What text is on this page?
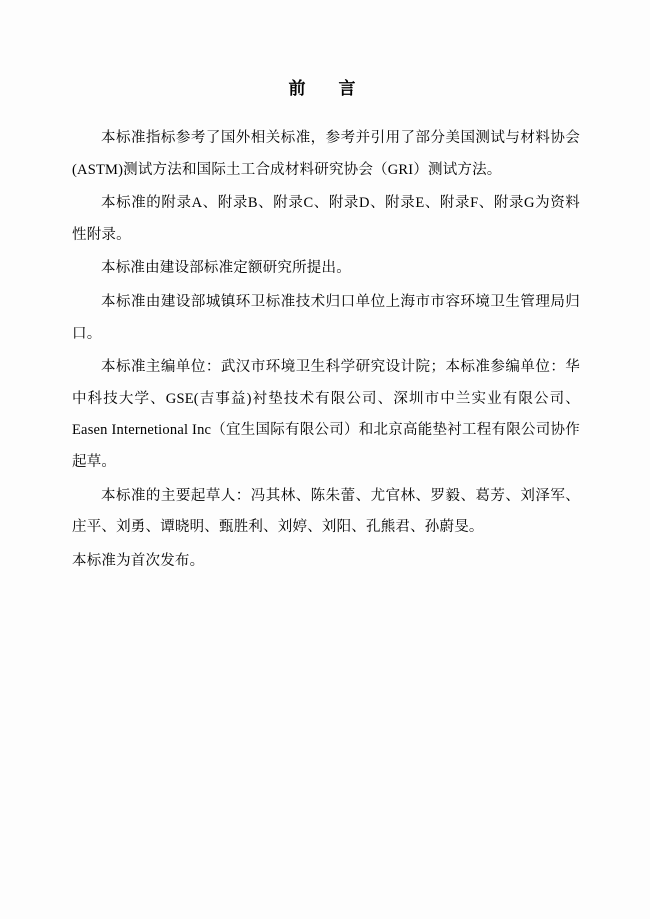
前　言

本标准指标参考了国外相关标准，参考并引用了部分美国测试与材料协会(ASTM)测试方法和国际土工合成材料研究协会（GRI）测试方法。

本标准的附录A、附录B、附录C、附录D、附录E、附录F、附录G为资料性附录。

本标准由建设部标准定额研究所提出。

本标准由建设部城镇环卫标准技术归口单位上海市市容环境卫生管理局归口。

本标准主编单位：武汉市环境卫生科学研究设计院；本标准参编单位：华中科技大学、GSE(吉事益)衬垫技术有限公司、深圳市中兰实业有限公司、Easen Internetional Inc（宜生国际有限公司）和北京高能垫衬工程有限公司协作起草。

本标准的主要起草人：冯其林、陈朱蕾、尤官林、罗毅、葛芳、刘泽军、庄平、刘勇、谭晓明、甄胜利、刘婷、刘阳、孔熊君、孙蔚旻。

本标准为首次发布。
